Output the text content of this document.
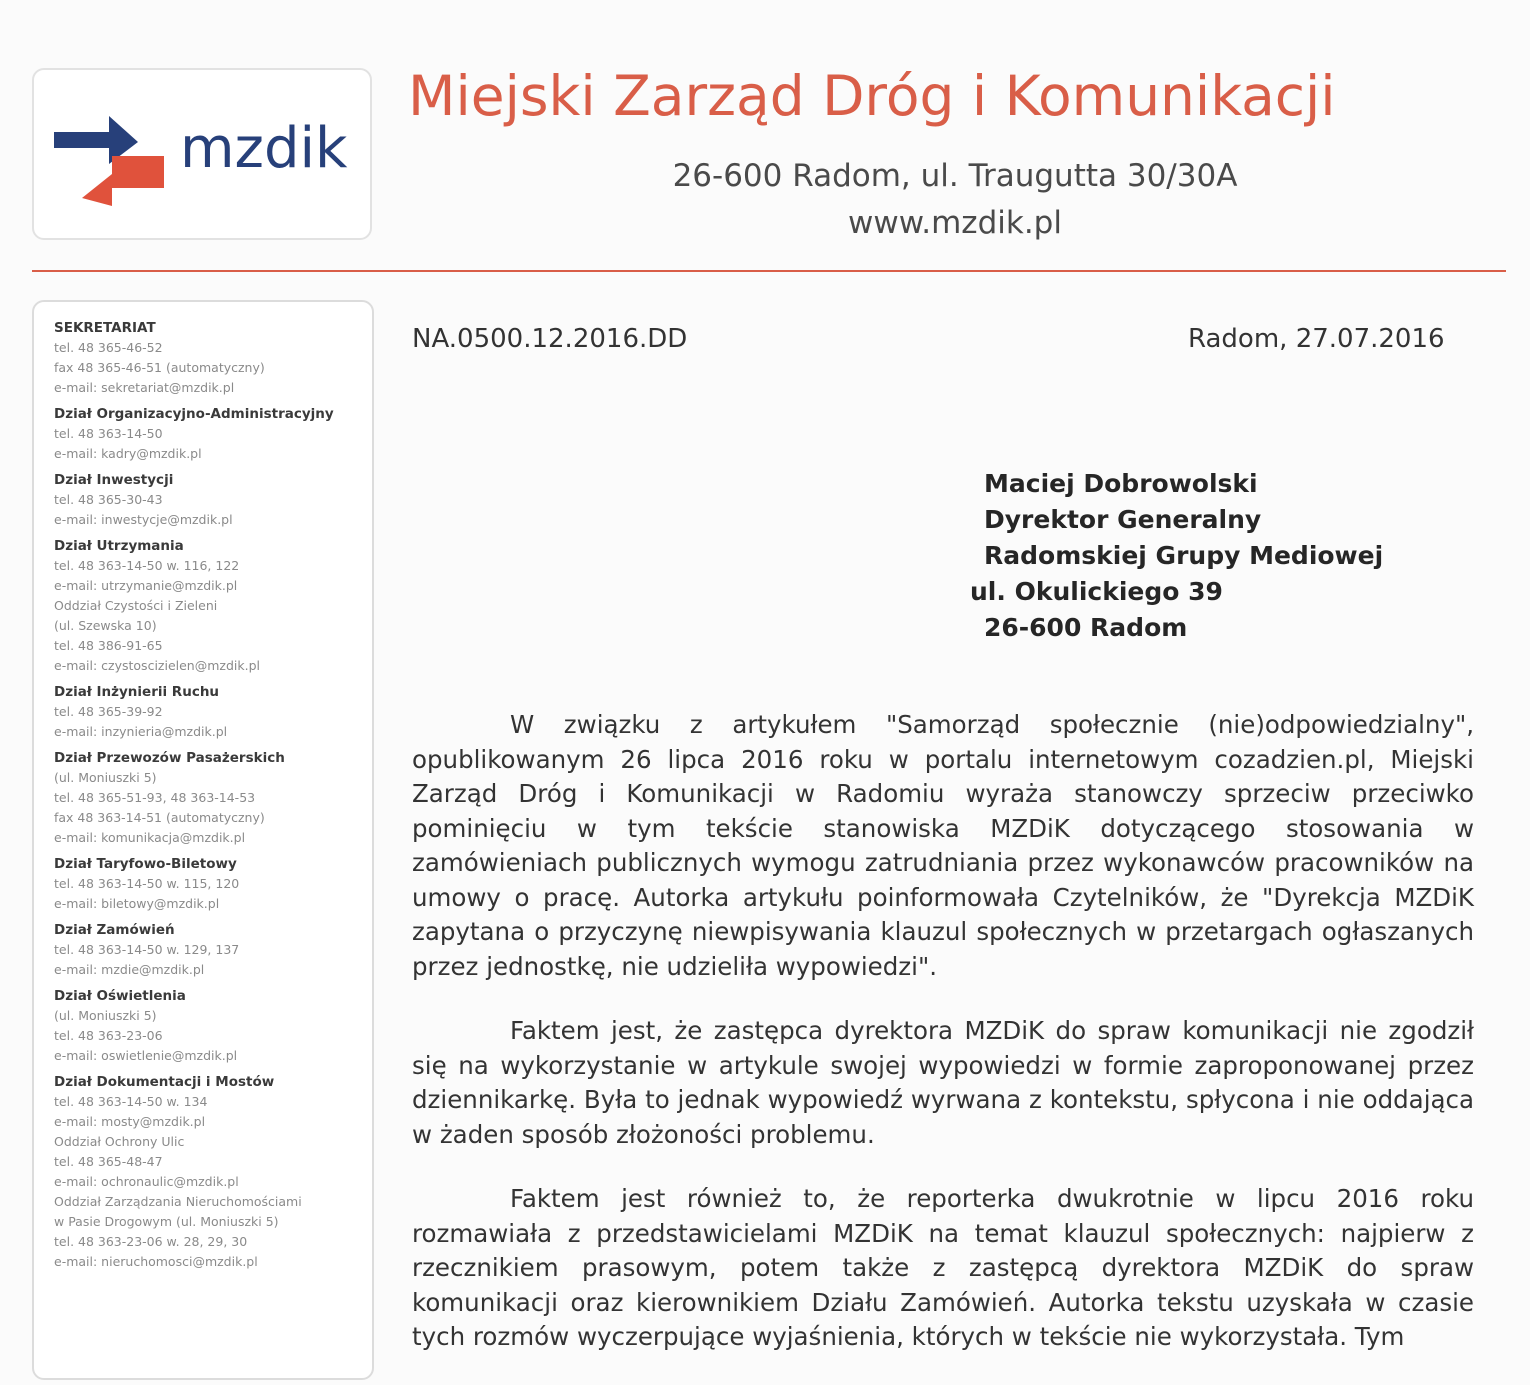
mzdik
Miejski Zarząd Dróg i Komunikacji
26-600 Radom, ul. Traugutta 30/30A
www.mzdik.pl
SEKRETARIAT
tel. 48 365-46-52
fax 48 365-46-51 (automatyczny)
e-mail: sekretariat@mzdik.pl
Dział Organizacyjno-Administracyjny
tel. 48 363-14-50
e-mail: kadry@mzdik.pl
Dział Inwestycji
tel. 48 365-30-43
e-mail: inwestycje@mzdik.pl
Dział Utrzymania
tel. 48 363-14-50 w. 116, 122
e-mail: utrzymanie@mzdik.pl
Oddział Czystości i Zieleni
(ul. Szewska 10)
tel. 48 386-91-65
e-mail: czystoscizielen@mzdik.pl
Dział Inżynierii Ruchu
tel. 48 365-39-92
e-mail: inzynieria@mzdik.pl
Dział Przewozów Pasażerskich
(ul. Moniuszki 5)
tel. 48 365-51-93, 48 363-14-53
fax 48 363-14-51 (automatyczny)
e-mail: komunikacja@mzdik.pl
Dział Taryfowo-Biletowy
tel. 48 363-14-50 w. 115, 120
e-mail: biletowy@mzdik.pl
Dział Zamówień
tel. 48 363-14-50 w. 129, 137
e-mail: mzdie@mzdik.pl
Dział Oświetlenia
(ul. Moniuszki 5)
tel. 48 363-23-06
e-mail: oswietlenie@mzdik.pl
Dział Dokumentacji i Mostów
tel. 48 363-14-50 w. 134
e-mail: mosty@mzdik.pl
Oddział Ochrony Ulic
tel. 48 365-48-47
e-mail: ochronaulic@mzdik.pl
Oddział Zarządzania Nieruchomościami
w Pasie Drogowym (ul. Moniuszki 5)
tel. 48 363-23-06 w. 28, 29, 30
e-mail: nieruchomosci@mzdik.pl
NA.0500.12.2016.DD	Radom, 27.07.2016
Maciej Dobrowolski
Dyrektor Generalny
Radomskiej Grupy Mediowej
ul. Okulickiego 39
26-600 Radom

W związku z artykułem "Samorząd społecznie (nie)odpowiedzialny", opublikowanym 26 lipca 2016 roku w portalu internetowym cozadzien.pl, Miejski Zarząd Dróg i Komunikacji w Radomiu wyraża stanowczy sprzeciw przeciwko pominięciu w tym tekście stanowiska MZDiK dotyczącego stosowania w zamówieniach publicznych wymogu zatrudniania przez wykonawców pracowników na umowy o pracę. Autorka artykułu poinformowała Czytelników, że "Dyrekcja MZDiK zapytana o przyczynę niewpisywania klauzul społecznych w przetargach ogłaszanych przez jednostkę, nie udzieliła wypowiedzi".

Faktem jest, że zastępca dyrektora MZDiK do spraw komunikacji nie zgodził się na wykorzystanie w artykule swojej wypowiedzi w formie zaproponowanej przez dziennikarkę. Była to jednak wypowiedź wyrwana z kontekstu, spłycona i nie oddająca w żaden sposób złożoności problemu.

Faktem jest również to, że reporterka dwukrotnie w lipcu 2016 roku rozmawiała z przedstawicielami MZDiK na temat klauzul społecznych: najpierw z rzecznikiem prasowym, potem także z zastępcą dyrektora MZDiK do spraw komunikacji oraz kierownikiem Działu Zamówień. Autorka tekstu uzyskała w czasie tych rozmów wyczerpujące wyjaśnienia, których w tekście nie wykorzystała. Tym
